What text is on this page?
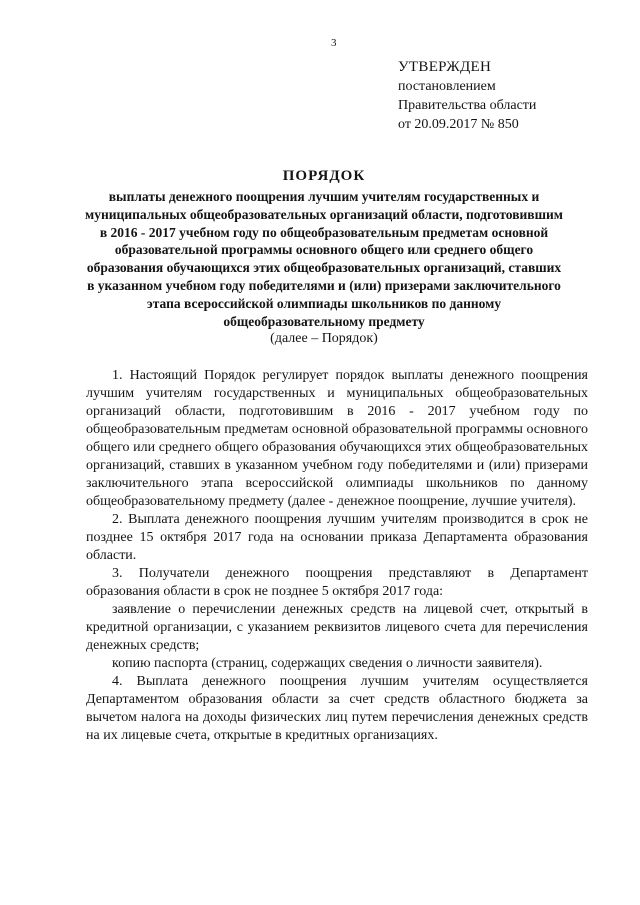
3
УТВЕРЖДЕН
постановлением
Правительства области
от 20.09.2017 № 850
ПОРЯДОК
выплаты денежного поощрения лучшим учителям государственных и муниципальных общеобразовательных организаций области, подготовившим в 2016 - 2017 учебном году по общеобразовательным предметам основной образовательной программы основного общего или среднего общего образования обучающихся этих общеобразовательных организаций, ставших в указанном учебном году победителями и (или) призерами заключительного этапа всероссийской олимпиады школьников по данному общеобразовательному предмету
(далее – Порядок)

1. Настоящий Порядок регулирует порядок выплаты денежного поощрения лучшим учителям государственных и муниципальных общеобразовательных организаций области, подготовившим в 2016 - 2017 учебном году по общеобразовательным предметам основной образовательной программы основного общего или среднего общего образования обучающихся этих общеобразовательных организаций, ставших в указанном учебном году победителями и (или) призерами заключительного этапа всероссийской олимпиады школьников по данному общеобразовательному предмету (далее - денежное поощрение, лучшие учителя).

2. Выплата денежного поощрения лучшим учителям производится в срок не позднее 15 октября 2017 года на основании приказа Департамента образования области.

3. Получатели денежного поощрения представляют в Департамент образования области в срок не позднее 5 октября 2017 года:

заявление о перечислении денежных средств на лицевой счет, открытый в кредитной организации, с указанием реквизитов лицевого счета для перечисления денежных средств;

копию паспорта (страниц, содержащих сведения о личности заявителя).

4. Выплата денежного поощрения лучшим учителям осуществляется Департаментом образования области за счет средств областного бюджета за вычетом налога на доходы физических лиц путем перечисления денежных средств на их лицевые счета, открытые в кредитных организациях.
